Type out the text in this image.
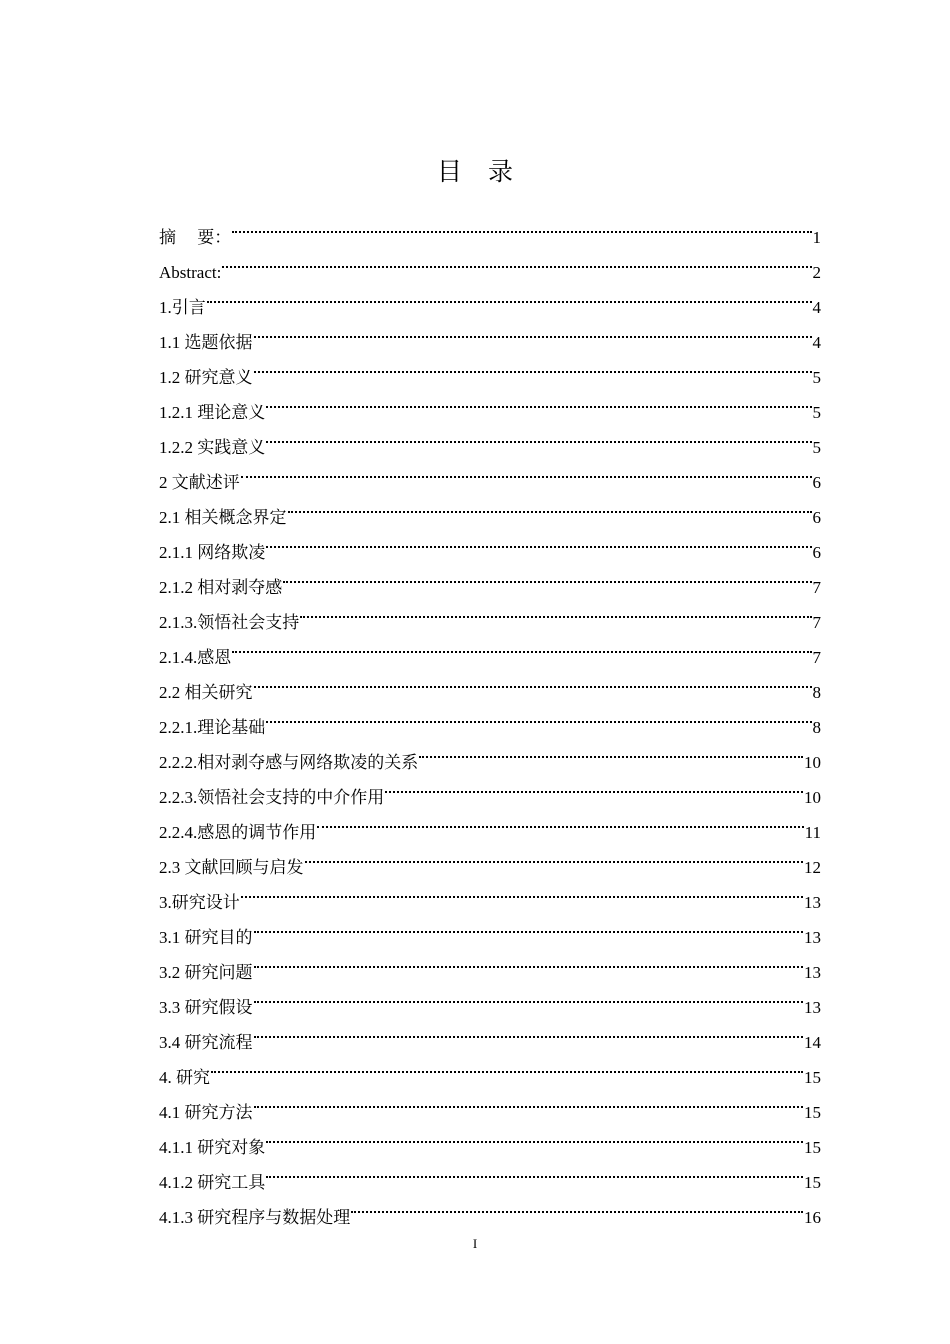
目 录
摘　 要：	1
Abstract:	2
1.引言	4
1.1 选题依据	4
1.2 研究意义	5
1.2.1 理论意义	5
1.2.2 实践意义	5
2 文献述评	6
2.1 相关概念界定	6
2.1.1 网络欺凌	6
2.1.2 相对剥夺感	7
2.1.3.领悟社会支持	7
2.1.4.感恩	7
2.2 相关研究	8
2.2.1.理论基础	8
2.2.2.相对剥夺感与网络欺凌的关系	10
2.2.3.领悟社会支持的中介作用	10
2.2.4.感恩的调节作用	11
2.3 文献回顾与启发	12
3.研究设计	13
3.1 研究目的	13
3.2 研究问题	13
3.3 研究假设	13
3.4 研究流程	14
4. 研究	15
4.1 研究方法	15
4.1.1 研究对象	15
4.1.2 研究工具	15
4.1.3 研究程序与数据处理	16
I
